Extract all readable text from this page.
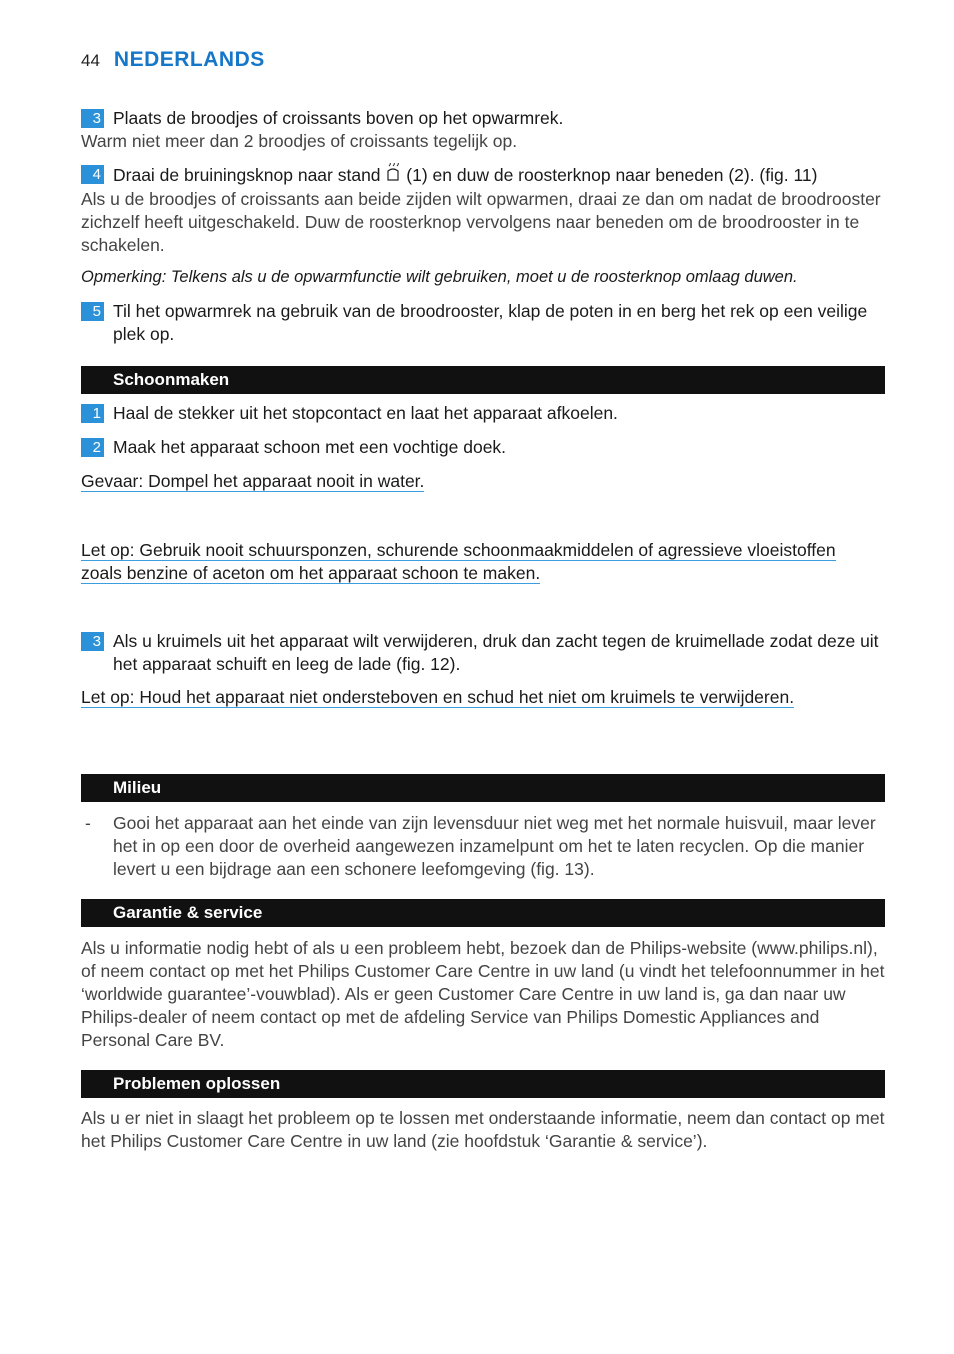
44 NEDERLANDS
3 Plaats de broodjes of croissants boven op het opwarmrek.
Warm niet meer dan 2 broodjes of croissants tegelijk op.
4 Draai de bruiningsknop naar stand (1) en duw de roosterknop naar beneden (2). (fig. 11)
Als u de broodjes of croissants aan beide zijden wilt opwarmen, draai ze dan om nadat de broodrooster zichzelf heeft uitgeschakeld. Duw de roosterknop vervolgens naar beneden om de broodrooster in te schakelen.
Opmerking: Telkens als u de opwarmfunctie wilt gebruiken, moet u de roosterknop omlaag duwen.
5 Til het opwarmrek na gebruik van de broodrooster, klap de poten in en berg het rek op een veilige plek op.
Schoonmaken
1 Haal de stekker uit het stopcontact en laat het apparaat afkoelen.
2 Maak het apparaat schoon met een vochtige doek.
Gevaar: Dompel het apparaat nooit in water.
Let op: Gebruik nooit schuursponzen, schurende schoonmaakmiddelen of agressieve vloeistoffen
zoals benzine of aceton om het apparaat schoon te maken.
3 Als u kruimels uit het apparaat wilt verwijderen, druk dan zacht tegen de kruimellade zodat deze uit het apparaat schuift en leeg de lade (fig. 12).
Let op: Houd het apparaat niet ondersteboven en schud het niet om kruimels te verwijderen.
Milieu
- Gooi het apparaat aan het einde van zijn levensduur niet weg met het normale huisvuil, maar lever het in op een door de overheid aangewezen inzamelpunt om het te laten recyclen. Op die manier levert u een bijdrage aan een schonere leefomgeving (fig. 13).
Garantie & service
Als u informatie nodig hebt of als u een probleem hebt, bezoek dan de Philips-website (www.philips.nl), of neem contact op met het Philips Customer Care Centre in uw land (u vindt het telefoonnummer in het ‘worldwide guarantee’-vouwblad). Als er geen Customer Care Centre in uw land is, ga dan naar uw Philips-dealer of neem contact op met de afdeling Service van Philips Domestic Appliances and Personal Care BV.
Problemen oplossen
Als u er niet in slaagt het probleem op te lossen met onderstaande informatie, neem dan contact op met het Philips Customer Care Centre in uw land (zie hoofdstuk ‘Garantie & service’).
